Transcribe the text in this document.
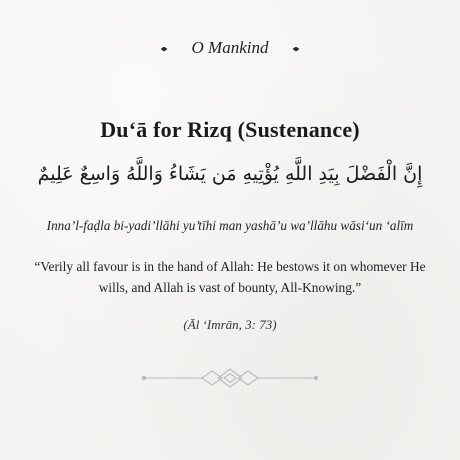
O Mankind
Du‘ā for Rizq (Sustenance)
إِنَّ الْفَضْلَ بِيَدِ اللَّهِ يُؤْتِيهِ مَن يَشَاءُ وَاللَّهُ وَاسِعٌ عَلِيمٌ
Inna’l-faḍla bi-yadi’llāhi yu’tīhi man yashā’u wa’llāhu wāsi‘un ‘alīm
“Verily all favour is in the hand of Allah: He bestows it on whomever He wills, and Allah is vast of bounty, All-Knowing.”
(Āl ‘Imrān, 3: 73)
